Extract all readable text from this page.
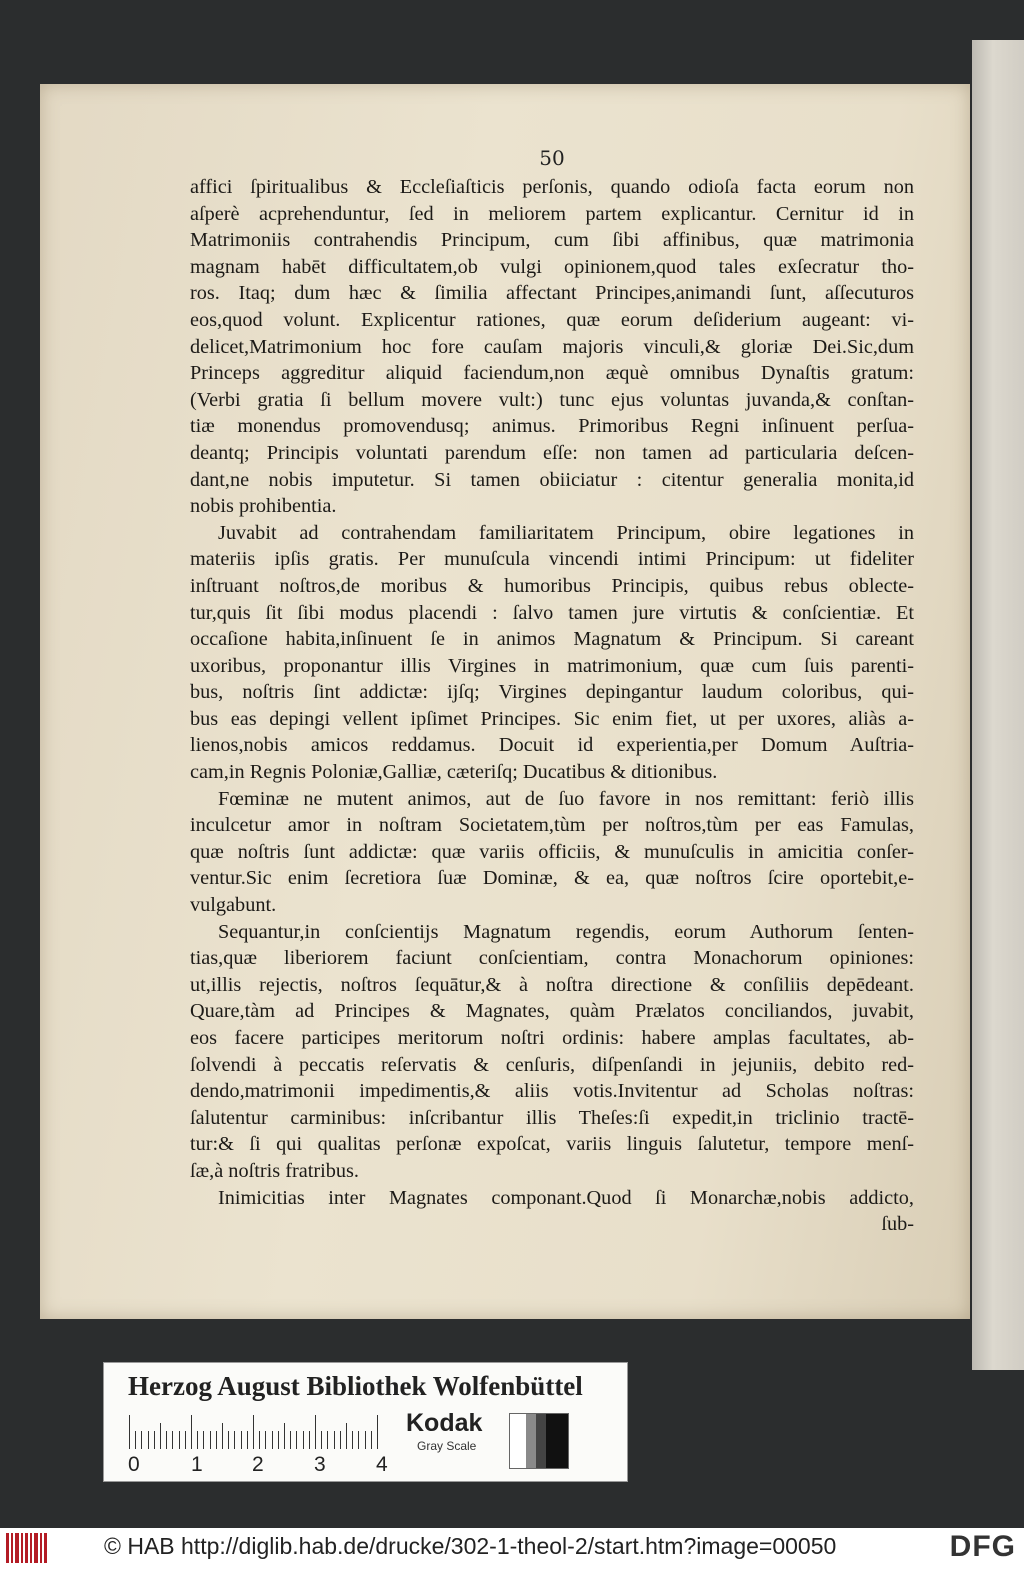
50
affici ſpiritualibus & Eccleſiaſticis perſonis, quando odioſa facta eorum non
aſperè acprehenduntur, ſed in meliorem partem explicantur. Cernitur id in
Matrimoniis contrahendis Principum, cum ſibi affinibus, quæ matrimonia
magnam habēt difficultatem,ob vulgi opinionem,quod tales exſecratur tho-
ros. Itaq; dum hæc & ſimilia affectant Principes,animandi ſunt, aſſecuturos
eos,quod volunt. Explicentur rationes, quæ eorum deſiderium augeant: vi-
delicet,Matrimonium hoc fore cauſam majoris vinculi,& gloriæ Dei.Sic,dum
Princeps aggreditur aliquid faciendum,non æquè omnibus Dynaſtis gratum:
(Verbi gratia ſi bellum movere vult:) tunc ejus voluntas juvanda,& conſtan-
tiæ monendus promovendusq; animus. Primoribus Regni inſinuent perſua-
deantq; Principis voluntati parendum eſſe: non tamen ad particularia deſcen-
dant,ne nobis imputetur. Si tamen obiiciatur : citentur generalia monita,id
nobis prohibentia.
Juvabit ad contrahendam familiaritatem Principum, obire legationes in
materiis ipſis gratis. Per munuſcula vincendi intimi Principum: ut fideliter
inſtruant noſtros,de moribus & humoribus Principis, quibus rebus oblecte-
tur,quis ſit ſibi modus placendi : ſalvo tamen jure virtutis & conſcientiæ. Et
occaſione habita,inſinuent ſe in animos Magnatum & Principum. Si careant
uxoribus, proponantur illis Virgines in matrimonium, quæ cum ſuis parenti-
bus, noſtris ſint addictæ: ijſq; Virgines depingantur laudum coloribus, qui-
bus eas depingi vellent ipſimet Principes. Sic enim fiet, ut per uxores, aliàs a-
lienos,nobis amicos reddamus. Docuit id experientia,per Domum Auſtria-
cam,in Regnis Poloniæ,Galliæ, cæteriſq; Ducatibus & ditionibus.
Fœminæ ne mutent animos, aut de ſuo favore in nos remittant: feriò illis
inculcetur amor in noſtram Societatem,tùm per noſtros,tùm per eas Famulas,
quæ noſtris ſunt addictæ: quæ variis officiis, & munuſculis in amicitia conſer-
ventur.Sic enim ſecretiora ſuæ Dominæ, & ea, quæ noſtros ſcire oportebit,e-
vulgabunt.
Sequantur,in conſcientijs Magnatum regendis, eorum Authorum ſenten-
tias,quæ liberiorem faciunt conſcientiam, contra Monachorum opiniones:
ut,illis rejectis, noſtros ſequātur,& à noſtra directione & conſiliis depēdeant.
Quare,tàm ad Principes & Magnates, quàm Prælatos conciliandos, juvabit,
eos facere participes meritorum noſtri ordinis: habere amplas facultates, ab-
ſolvendi à peccatis reſervatis & cenſuris, diſpenſandi in jejuniis, debito red-
dendo,matrimonii impedimentis,& aliis votis.Invitentur ad Scholas noſtras:
ſalutentur carminibus: inſcribantur illis Theſes:ſi expedit,in triclinio tractē-
tur:& ſi qui qualitas perſonæ expoſcat, variis linguis ſalutetur, tempore menſ-
ſæ,à noſtris fratribus.
Inimicitias inter Magnates componant.Quod ſi Monarchæ,nobis addicto,
ſub-
Herzog August Bibliothek Wolfenbüttel
0 1 2 3 4
Kodak
Gray Scale
© HAB http://diglib.hab.de/drucke/302-1-theol-2/start.htm?image=00050	DFG
